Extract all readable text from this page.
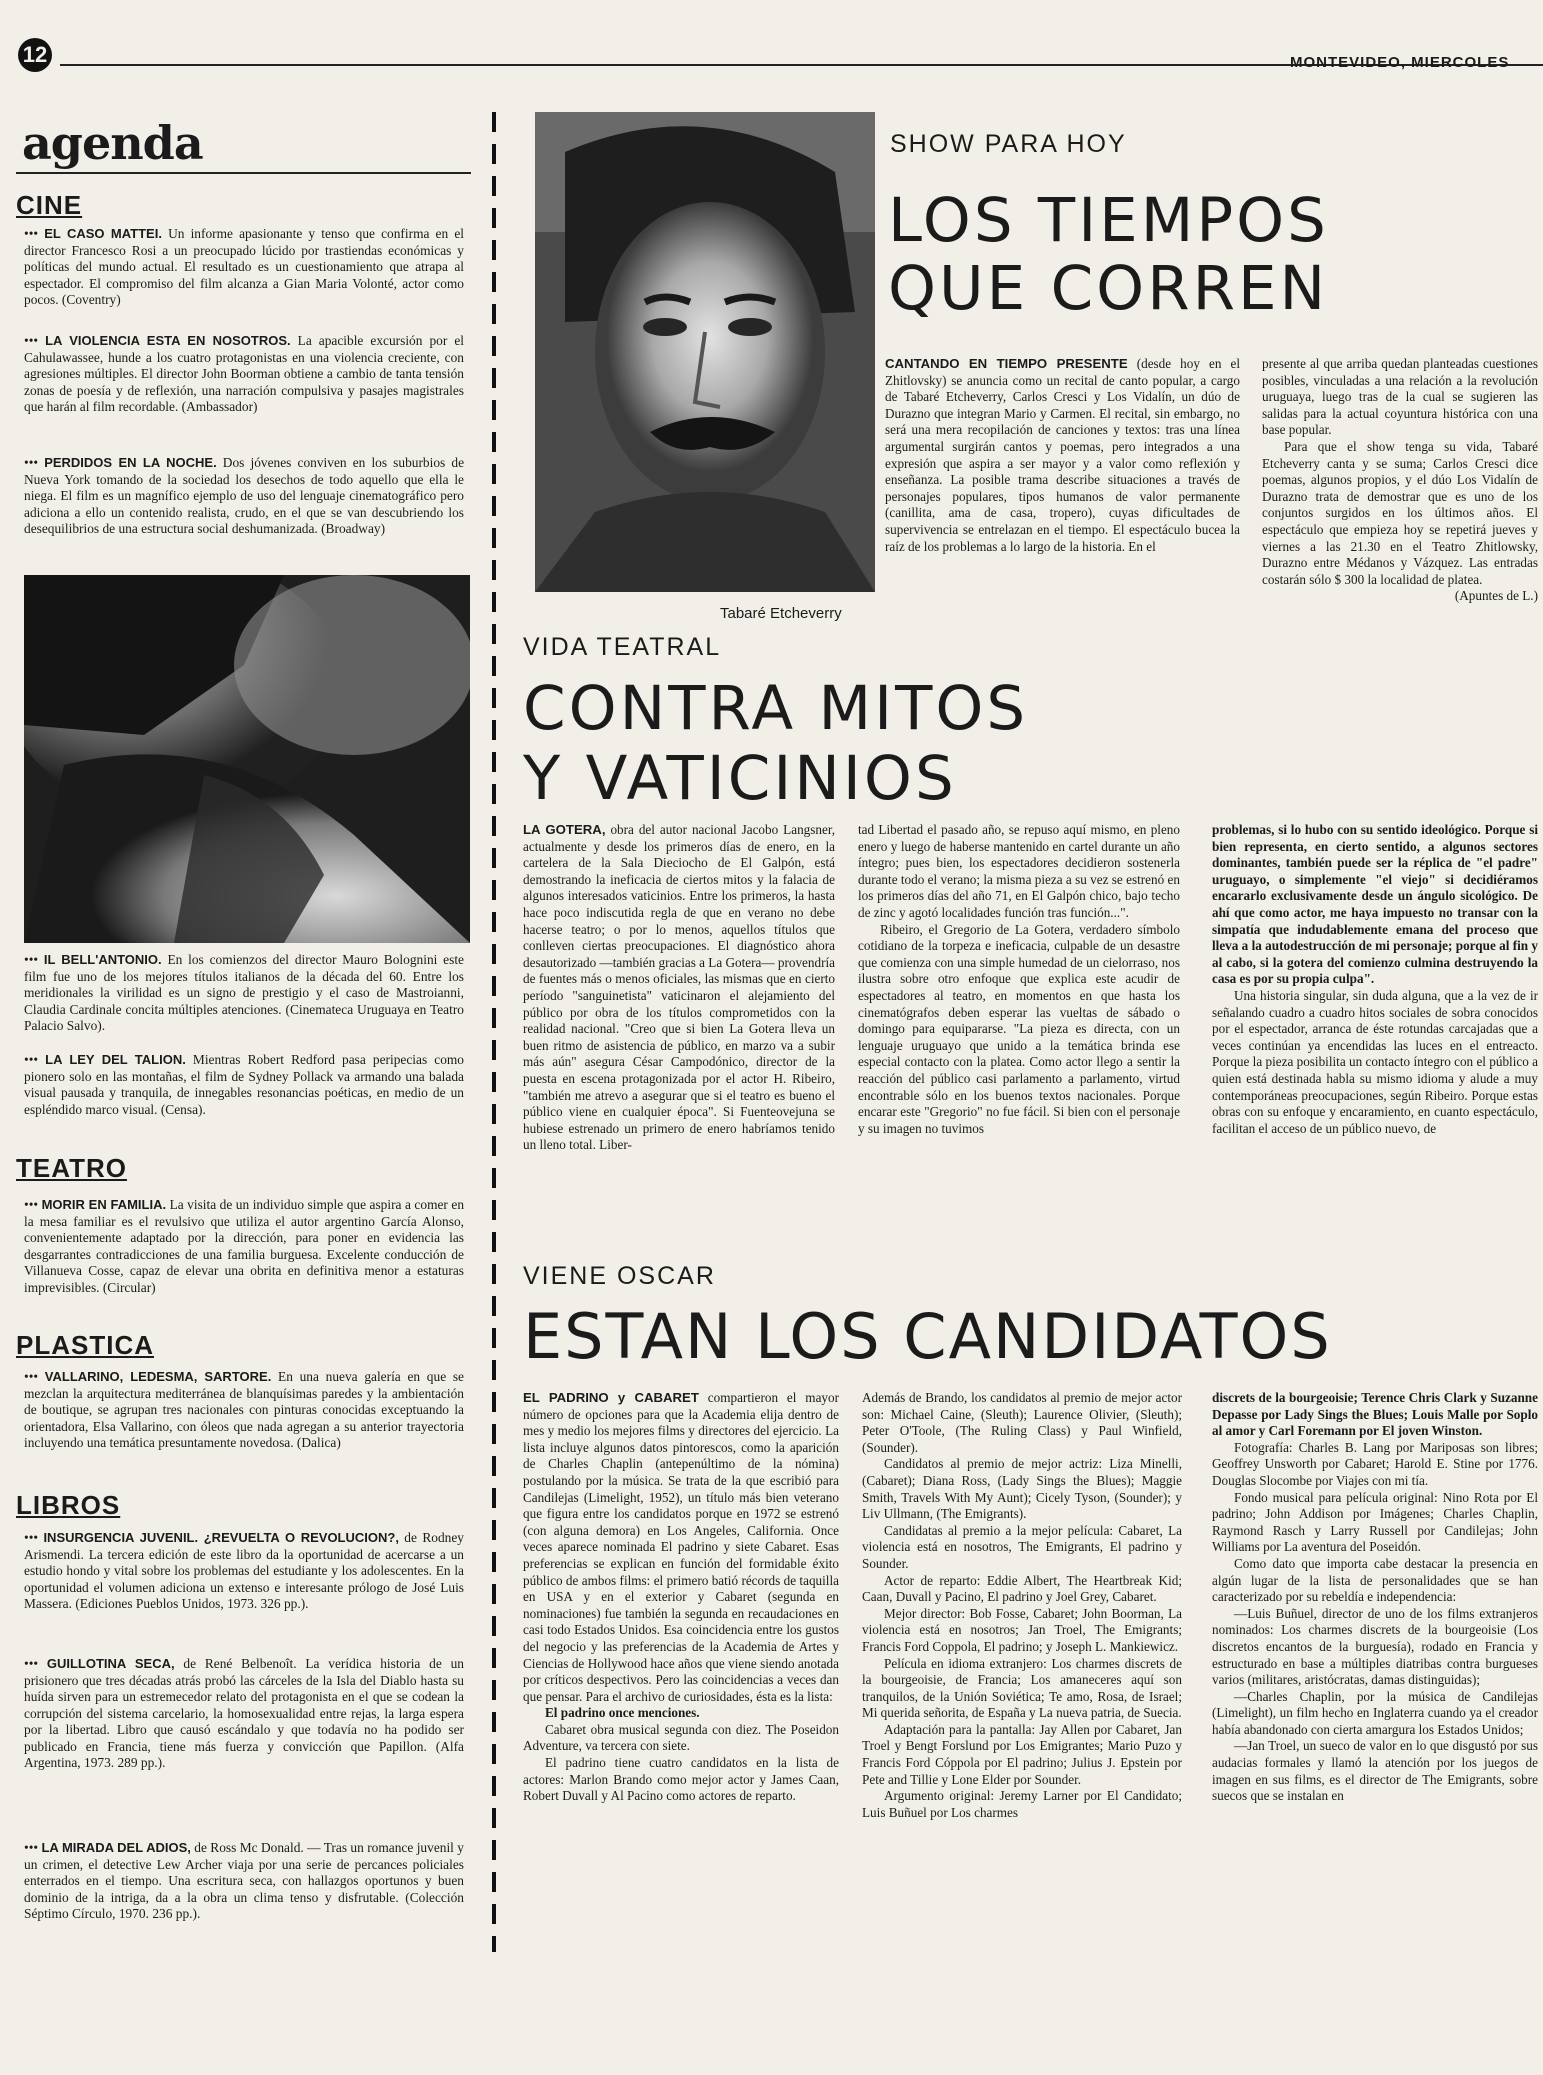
12	MONTEVIDEO, MIERCOLES
agenda
CINE
••• EL CASO MATTEI. Un informe apasionante y tenso que confirma en el director Francesco Rosi a un preocupado lúcido por trastiendas económicas y políticas del mundo actual. El resultado es un cuestionamiento que atrapa al espectador. El compromiso del film alcanza a Gian Maria Volonté, actor como pocos. (Coventry)
••• LA VIOLENCIA ESTA EN NOSOTROS. La apacible excursión por el Cahulawassee, hunde a los cuatro protagonistas en una violencia creciente, con agresiones múltiples. El director John Boorman obtiene a cambio de tanta tensión zonas de poesía y de reflexión, una narración compulsiva y pasajes magistrales que harán al film recordable. (Ambassador)
••• PERDIDOS EN LA NOCHE. Dos jóvenes conviven en los suburbios de Nueva York tomando de la sociedad los desechos de todo aquello que ella le niega. El film es un magnífico ejemplo de uso del lenguaje cinematográfico pero adiciona a ello un contenido realista, crudo, en el que se van descubriendo los desequilibrios de una estructura social deshumanizada. (Broadway)
••• IL BELL'ANTONIO. En los comienzos del director Mauro Bolognini este film fue uno de los mejores títulos italianos de la década del 60. Entre los meridionales la virilidad es un signo de prestigio y el caso de Mastroianni, Claudia Cardinale concita múltiples atenciones. (Cinemateca Uruguaya en Teatro Palacio Salvo).
••• LA LEY DEL TALION. Mientras Robert Redford pasa peripecias como pionero solo en las montañas, el film de Sydney Pollack va armando una balada visual pausada y tranquila, de innegables resonancias poéticas, en medio de un espléndido marco visual. (Censa).
TEATRO
••• MORIR EN FAMILIA. La visita de un individuo simple que aspira a comer en la mesa familiar es el revulsivo que utiliza el autor argentino García Alonso, convenientemente adaptado por la dirección, para poner en evidencia las desgarrantes contradicciones de una familia burguesa. Excelente conducción de Villanueva Cosse, capaz de elevar una obrita en definitiva menor a estaturas imprevisibles. (Circular)
PLASTICA
••• VALLARINO, LEDESMA, SARTORE. En una nueva galería en que se mezclan la arquitectura mediterránea de blanquísimas paredes y la ambientación de boutique, se agrupan tres nacionales con pinturas conocidas exceptuando la orientadora, Elsa Vallarino, con óleos que nada agregan a su anterior trayectoria incluyendo una temática presuntamente novedosa. (Dalica)
LIBROS
••• INSURGENCIA JUVENIL. ¿REVUELTA O REVOLUCION?, de Rodney Arismendi. La tercera edición de este libro da la oportunidad de acercarse a un estudio hondo y vital sobre los problemas del estudiante y los adolescentes. En la oportunidad el volumen adiciona un extenso e interesante prólogo de José Luis Massera. (Ediciones Pueblos Unidos, 1973. 326 pp.).
••• GUILLOTINA SECA, de René Belbenoît. La verídica historia de un prisionero que tres décadas atrás probó las cárceles de la Isla del Diablo hasta su huída sirven para un estremecedor relato del protagonista en el que se codean la corrupción del sistema carcelario, la homosexualidad entre rejas, la larga espera por la libertad. Libro que causó escándalo y que todavía no ha podido ser publicado en Francia, tiene más fuerza y convicción que Papillon. (Alfa Argentina, 1973. 289 pp.).
••• LA MIRADA DEL ADIOS, de Ross Mc Donald. — Tras un romance juvenil y un crimen, el detective Lew Archer viaja por una serie de percances policiales enterrados en el tiempo. Una escritura seca, con hallazgos oportunos y buen dominio de la intriga, da a la obra un clima tenso y disfrutable. (Colección Séptimo Círculo, 1970. 236 pp.).
Tabaré Etcheverry
SHOW PARA HOY
LOS TIEMPOS
QUE CORREN
CANTANDO EN TIEMPO PRESENTE (desde hoy en el Zhitlovsky) se anuncia como un recital de canto popular, a cargo de Tabaré Etcheverry, Carlos Cresci y Los Vidalín, un dúo de Durazno que integran Mario y Carmen. El recital, sin embargo, no será una mera recopilación de canciones y textos: tras una línea argumental surgirán cantos y poemas, pero integrados a una expresión que aspira a ser mayor y a valor como reflexión y enseñanza. La posible trama describe situaciones a través de personajes populares, tipos humanos de valor permanente (canillita, ama de casa, tropero), cuyas dificultades de supervivencia se entrelazan en el tiempo. El espectáculo bucea la raíz de los problemas a lo largo de la historia. En el

presente al que arriba quedan planteadas cuestiones posibles, vinculadas a una relación a la revolución uruguaya, luego tras de la cual se sugieren las salidas para la actual coyuntura histórica con una base popular.

Para que el show tenga su vida, Tabaré Etcheverry canta y se suma; Carlos Cresci dice poemas, algunos propios, y el dúo Los Vidalín de Durazno trata de demostrar que es uno de los conjuntos surgidos en los últimos años. El espectáculo que empieza hoy se repetirá jueves y viernes a las 21.30 en el Teatro Zhitlowsky, Durazno entre Médanos y Vázquez. Las entradas costarán sólo $ 300 la localidad de platea.

(Apuntes de L.)

VIDA TEATRAL
CONTRA MITOS
Y VATICINIOS
LA GOTERA, obra del autor nacional Jacobo Langsner, actualmente y desde los primeros días de enero, en la cartelera de la Sala Dieciocho de El Galpón, está demostrando la ineficacia de ciertos mitos y la falacia de algunos interesados vaticinios. Entre los primeros, la hasta hace poco indiscutida regla de que en verano no debe hacerse teatro; o por lo menos, aquellos títulos que conlleven ciertas preocupaciones. El diagnóstico ahora desautorizado —también gracias a La Gotera— provendría de fuentes más o menos oficiales, las mismas que en cierto período "sanguinetista" vaticinaron el alejamiento del público por obra de los títulos comprometidos con la realidad nacional. "Creo que si bien La Gotera lleva un buen ritmo de asistencia de público, en marzo va a subir más aún" asegura César Campodónico, director de la puesta en escena protagonizada por el actor H. Ribeiro, "también me atrevo a asegurar que si el teatro es bueno el público viene en cualquier época". Si Fuenteovejuna se hubiese estrenado un primero de enero habríamos tenido un lleno total. Liber-

tad Libertad el pasado año, se repuso aquí mismo, en pleno enero y luego de haberse mantenido en cartel durante un año íntegro; pues bien, los espectadores decidieron sostenerla durante todo el verano; la misma pieza a su vez se estrenó en los primeros días del año 71, en El Galpón chico, bajo techo de zinc y agotó localidades función tras función...".

Ribeiro, el Gregorio de La Gotera, verdadero símbolo cotidiano de la torpeza e ineficacia, culpable de un desastre que comienza con una simple humedad de un cielorraso, nos ilustra sobre otro enfoque que explica este acudir de espectadores al teatro, en momentos en que hasta los cinematógrafos deben esperar las vueltas de sábado o domingo para equipararse. "La pieza es directa, con un lenguaje uruguayo que unido a la temática brinda ese especial contacto con la platea. Como actor llego a sentir la reacción del público casi parlamento a parlamento, virtud encontrable sólo en los buenos textos nacionales. Porque encarar este "Gregorio" no fue fácil. Si bien con el personaje y su imagen no tuvimos

problemas, si lo hubo con su sentido ideológico. Porque si bien representa, en cierto sentido, a algunos sectores dominantes, también puede ser la réplica de "el padre" uruguayo, o simplemente "el viejo" si decidiéramos encararlo exclusivamente desde un ángulo sicológico. De ahí que como actor, me haya impuesto no transar con la simpatía que indudablemente emana del proceso que lleva a la autodestrucción de mi personaje; porque al fin y al cabo, si la gotera del comienzo culmina destruyendo la casa es por su propia culpa".

Una historia singular, sin duda alguna, que a la vez de ir señalando cuadro a cuadro hitos sociales de sobra conocidos por el espectador, arranca de éste rotundas carcajadas que a veces continúan ya encendidas las luces en el entreacto. Porque la pieza posibilita un contacto íntegro con el público a quien está destinada habla su mismo idioma y alude a muy contemporáneas preocupaciones, según Ribeiro. Porque estas obras con su enfoque y encaramiento, en cuanto espectáculo, facilitan el acceso de un público nuevo, de

VIENE OSCAR
ESTAN LOS CANDIDATOS

EL PADRINO y CABARET compartieron el mayor número de opciones para que la Academia elija dentro de mes y medio los mejores films y directores del ejercicio. La lista incluye algunos datos pintorescos, como la aparición de Charles Chaplin (antepenúltimo de la nómina) postulando por la música. Se trata de la que escribió para Candilejas (Limelight, 1952), un título más bien veterano que figura entre los candidatos porque en 1972 se estrenó (con alguna demora) en Los Angeles, California. Once veces aparece nominada El padrino y siete Cabaret. Esas preferencias se explican en función del formidable éxito público de ambos films: el primero batió récords de taquilla en USA y en el exterior y Cabaret (segunda en nominaciones) fue también la segunda en recaudaciones en casi todo Estados Unidos. Esa coincidencia entre los gustos del negocio y las preferencias de la Academia de Artes y Ciencias de Hollywood hace años que viene siendo anotada por críticos despectivos. Pero las coincidencias a veces dan que pensar. Para el archivo de curiosidades, ésta es la lista:

El padrino once menciones.

Cabaret obra musical segunda con diez. The Poseidon Adventure, va tercera con siete.

El padrino tiene cuatro candidatos en la lista de actores: Marlon Brando como mejor actor y James Caan, Robert Duvall y Al Pacino como actores de reparto.

Además de Brando, los candidatos al premio de mejor actor son: Michael Caine, (Sleuth); Laurence Olivier, (Sleuth); Peter O'Toole, (The Ruling Class) y Paul Winfield, (Sounder).

Candidatos al premio de mejor actriz: Liza Minelli, (Cabaret); Diana Ross, (Lady Sings the Blues); Maggie Smith, Travels With My Aunt); Cicely Tyson, (Sounder); y Liv Ullmann, (The Emigrants).

Candidatas al premio a la mejor película: Cabaret, La violencia está en nosotros, The Emigrants, El padrino y Sounder.

Actor de reparto: Eddie Albert, The Heartbreak Kid; Caan, Duvall y Pacino, El padrino y Joel Grey, Cabaret.

Mejor director: Bob Fosse, Cabaret; John Boorman, La violencia está en nosotros; Jan Troel, The Emigrants; Francis Ford Coppola, El padrino; y Joseph L. Mankiewicz.

Película en idioma extranjero: Los charmes discrets de la bourgeoisie, de Francia; Los amaneceres aquí son tranquilos, de la Unión Soviética; Te amo, Rosa, de Israel; Mi querida señorita, de España y La nueva patria, de Suecia.

Adaptación para la pantalla: Jay Allen por Cabaret, Jan Troel y Bengt Forslund por Los Emigrantes; Mario Puzo y Francis Ford Cóppola por El padrino; Julius J. Epstein por Pete and Tillie y Lone Elder por Sounder.

Argumento original: Jeremy Larner por El Candidato; Luis Buñuel por Los charmes

discrets de la bourgeoisie; Terence Chris Clark y Suzanne Depasse por Lady Sings the Blues; Louis Malle por Soplo al amor y Carl Foremann por El joven Winston.

Fotografía: Charles B. Lang por Mariposas son libres; Geoffrey Unsworth por Cabaret; Harold E. Stine por 1776. Douglas Slocombe por Viajes con mi tía.

Fondo musical para película original: Nino Rota por El padrino; John Addison por Imágenes; Charles Chaplin, Raymond Rasch y Larry Russell por Candilejas; John Williams por La aventura del Poseidón.

Como dato que importa cabe destacar la presencia en algún lugar de la lista de personalidades que se han caracterizado por su rebeldía e independencia:

—Luis Buñuel, director de uno de los films extranjeros nominados: Los charmes discrets de la bourgeoisie (Los discretos encantos de la burguesía), rodado en Francia y estructurado en base a múltiples diatribas contra burgueses varios (militares, aristócratas, damas distinguidas);

—Charles Chaplin, por la música de Candilejas (Limelight), un film hecho en Inglaterra cuando ya el creador había abandonado con cierta amargura los Estados Unidos;

—Jan Troel, un sueco de valor en lo que disgustó por sus audacias formales y llamó la atención por los juegos de imagen en sus films, es el director de The Emigrants, sobre suecos que se instalan en
